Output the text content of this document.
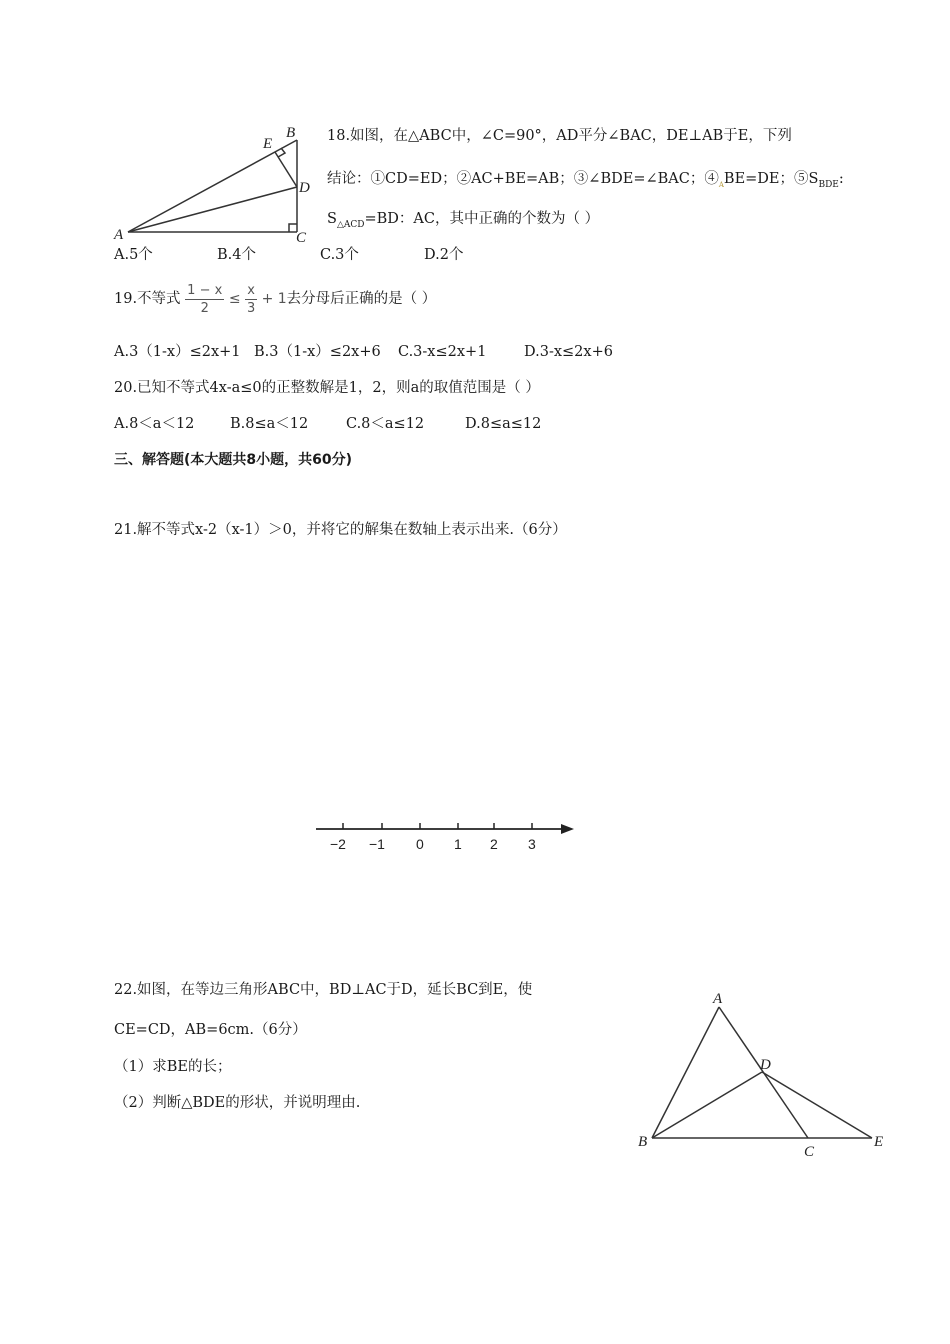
A
B
C
D
E	18.如图，在△ABC中，∠C=90°，AD平分∠BAC，DE⊥AB于E，下列
结论：①CD=ED；②AC+BE=AB；③∠BDE=∠BAC；$④_ABE=DE$；$⑤S_{BDE}$:
$S_{\triangle ACD}=BD$：AC，其中正确的个数为（ ）
A.5个	B.4个	C.3个	D.2个
19.不等式 $\frac{1 - x}{2} \le \frac{x}{3} + 1$去分母后正确的是（ ）
A.3（1-x）≤2x+1 B.3（1-x）≤2x+6 C.3-x≤2x+1	D.3-x≤2x+6
20.已知不等式4x-a≤0的正整数解是1，2，则a的取值范围是（ ）
A.8＜a＜12 B.8≤a＜12	C.8＜a≤12	D.8≤a≤12
三、解答题(本大题共8小题，共60分)
21.解不等式x-2（x-1）＞0，并将它的解集在数轴上表示出来.（6分）
−2 −1 0 1 2 3
22.如图，在等边三角形ABC中，BD⊥AC于D，延长BC到E，使
CE=CD，AB=6cm.（6分）
（1）求BE的长；
（2）判断△BDE的形状，并说明理由.
A
B
C
D
E
